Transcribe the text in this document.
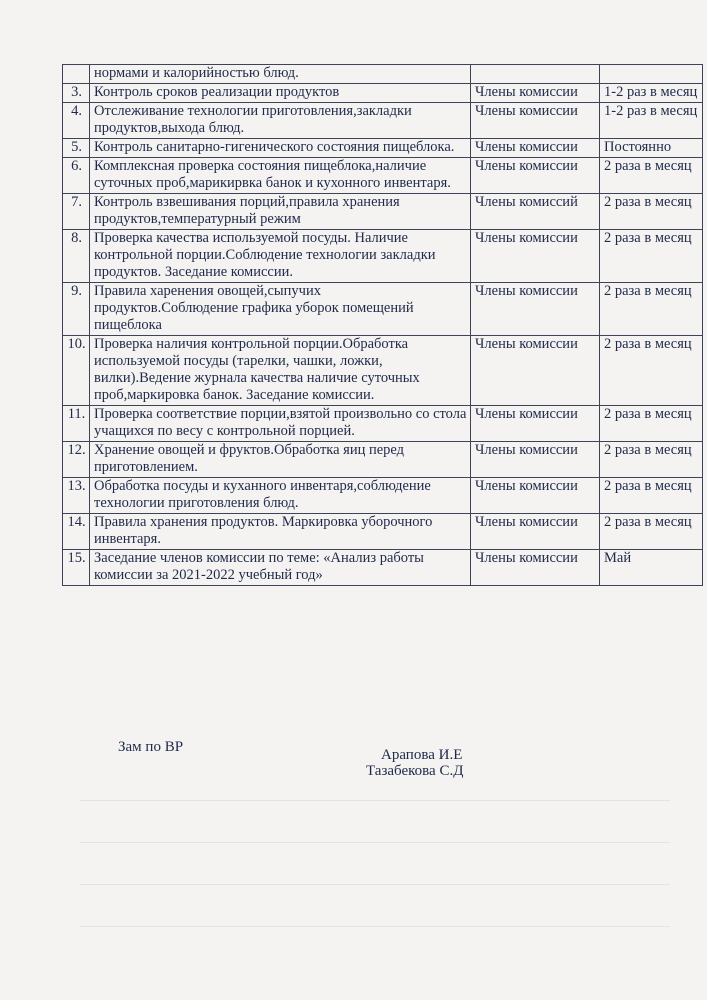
	нормами и калорийностью блюд.		
3.	Контроль сроков реализации продуктов	Члены комиссии	1-2 раз в месяц
4.	Отслеживание технологии приготовления,закладки продуктов,выхода блюд.	Члены комиссии	1-2 раз в месяц
5.	Контроль санитарно-гигенического состояния пищеблока.	Члены комиссии	Постоянно
6.	Комплексная проверка состояния пищеблока,наличие суточных проб,марикирвка банок и кухонного инвентаря.	Члены комиссии	2 раза в месяц
7.	Контроль взвешивания порций,правила хранения продуктов,температурный режим	Члены комиссий	2 раза в месяц
8.	Проверка качества используемой посуды. Наличие контрольной порции.Соблюдение технологии закладки продуктов. Заседание комиссии.	Члены комиссии	2 раза в месяц
9.	Правила харенения овощей,сыпучих продуктов.Соблюдение графика уборок помещений пищеблока	Члены комиссии	2 раза в месяц
10.	Проверка наличия контрольной порции.Обработка используемой посуды (тарелки, чашки, ложки, вилки).Ведение журнала качества наличие суточных проб,маркировка банок. Заседание комиссии.	Члены комиссии	2 раза в месяц
11.	Проверка соответствие порции,взятой произвольно со стола учащихся по весу с контрольной порцией.	Члены комиссии	2 раза в месяц
12.	Хранение овощей и фруктов.Обработка яиц перед приготовлением.	Члены комиссии	2 раза в месяц
13.	Обработка посуды и куханного инвентаря,соблюдение технологии приготовления блюд.	Члены комиссии	2 раза в месяц
14.	Правила хранения продуктов. Маркировка уборочного инвентаря.	Члены комиссии	2 раза в месяц
15.	Заседание членов комиссии по теме: «Анализ работы комиссии за 2021-2022 учебный год»	Члены комиссии	Май
Зам по ВР	Арапова И.Е
Тазабекова С.Д
